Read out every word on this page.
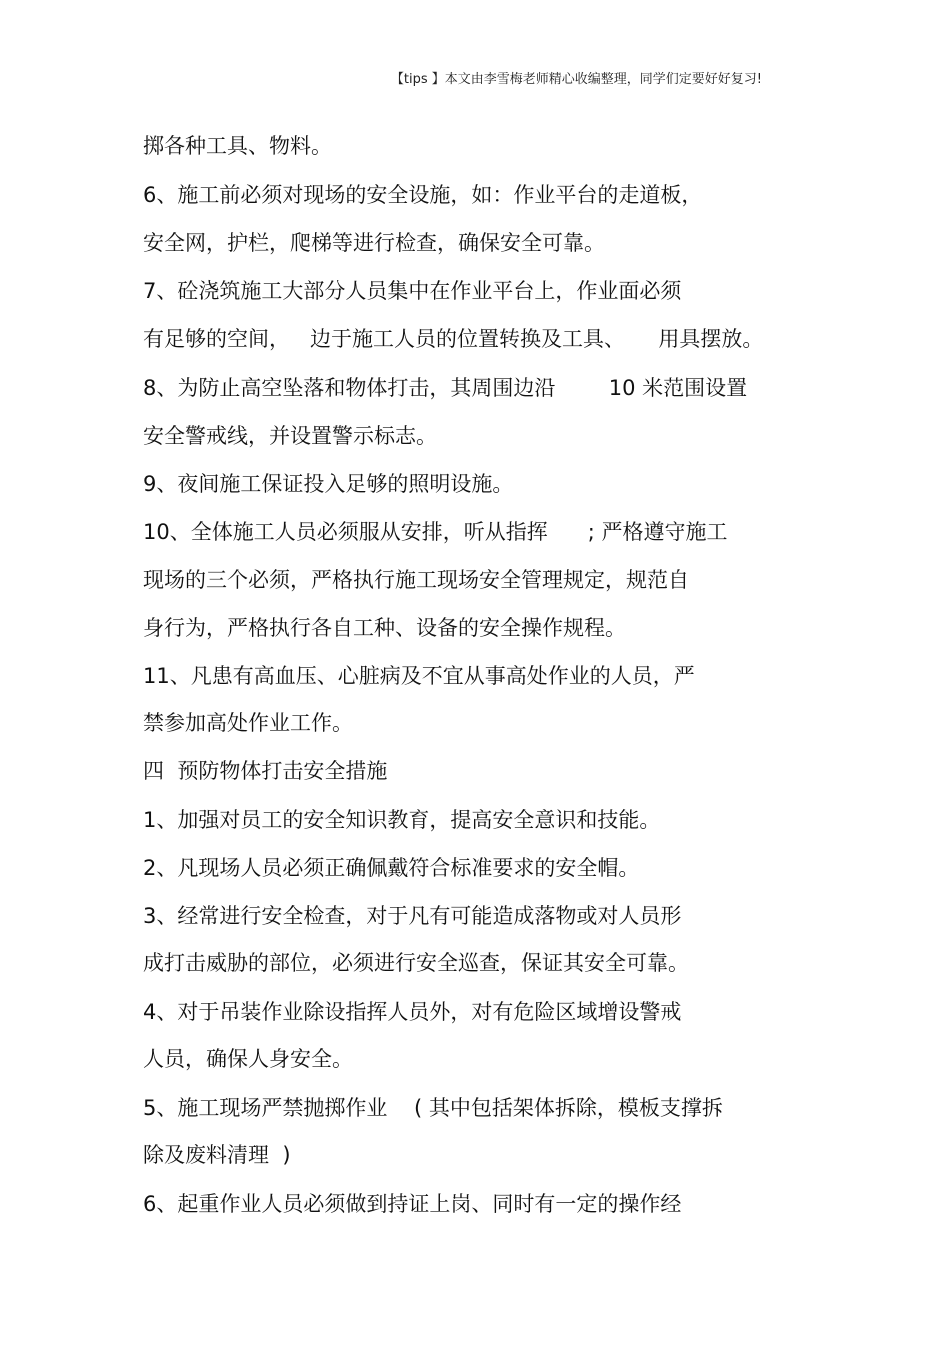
【tips 】本文由李雪梅老师精心收编整理，同学们定要好好复习!
掷各种工具、物料。
6、施工前必须对现场的安全设施，如：作业平台的走道板，
安全网，护栏，爬梯等进行检查，确保安全可靠。
7、砼浇筑施工大部分人员集中在作业平台上，作业面必须
有足够的空间，   边于施工人员的位置转换及工具、     用具摆放。
8、为防止高空坠落和物体打击，其周围边沿        10 米范围设置
安全警戒线，并设置警示标志。
9、夜间施工保证投入足够的照明设施。
10、全体施工人员必须服从安排，听从指挥      ; 严格遵守施工
现场的三个必须，严格执行施工现场安全管理规定，规范自
身行为，严格执行各自工种、设备的安全操作规程。
11、凡患有高血压、心脏病及不宜从事高处作业的人员，严
禁参加高处作业工作。
四  预防物体打击安全措施
1、加强对员工的安全知识教育，提高安全意识和技能。
2、凡现场人员必须正确佩戴符合标准要求的安全帽。
3、经常进行安全检查，对于凡有可能造成落物或对人员形
成打击威胁的部位，必须进行安全巡查，保证其安全可靠。
4、对于吊装作业除设指挥人员外，对有危险区域增设警戒
人员，确保人身安全。
5、施工现场严禁抛掷作业    ( 其中包括架体拆除，模板支撑拆
除及废料清理  )
6、起重作业人员必须做到持证上岗、同时有一定的操作经
